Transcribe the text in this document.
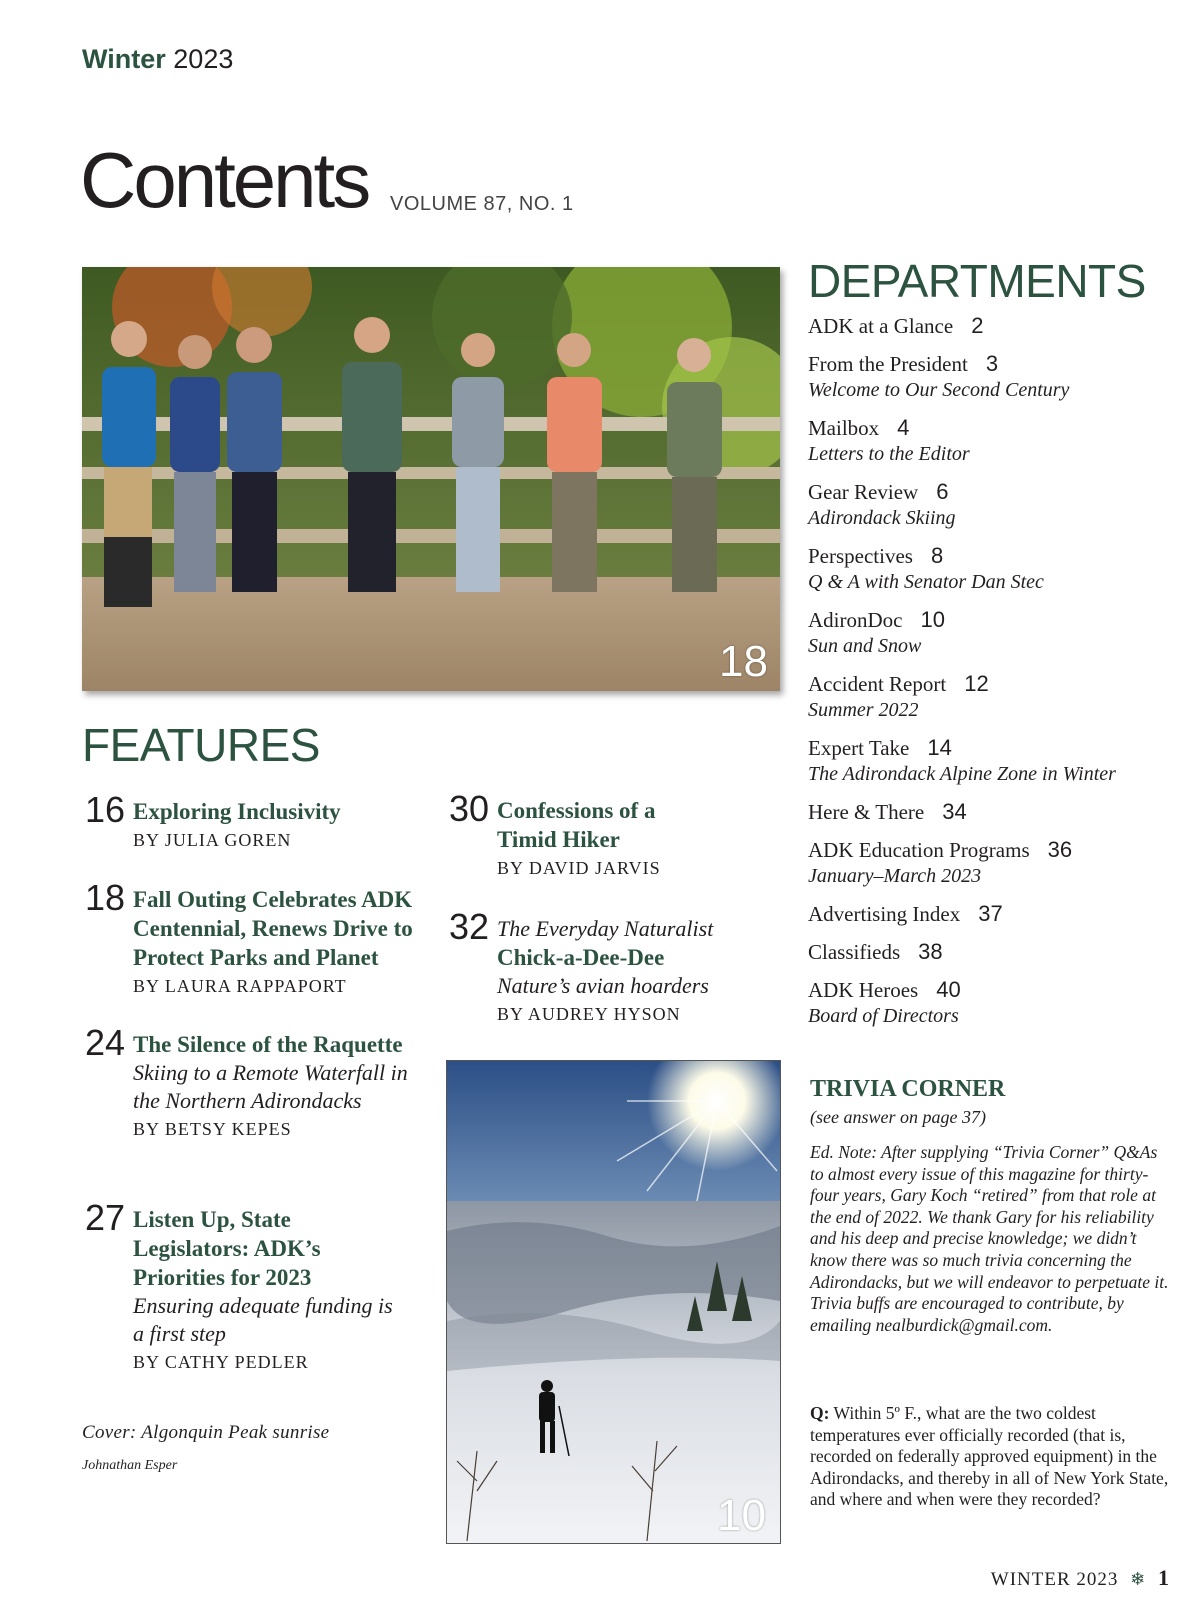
Winter 2023
Contents VOLUME 87, NO. 1
18
DEPARTMENTS
ADK at a Glance 2
From the President 3
Welcome to Our Second Century
Mailbox 4
Letters to the Editor
Gear Review 6
Adirondack Skiing
Perspectives 8
Q & A with Senator Dan Stec
AdironDoc 10
Sun and Snow
Accident Report 12
Summer 2022
Expert Take 14
The Adirondack Alpine Zone in Winter
Here & There 34
ADK Education Programs 36
January–March 2023
Advertising Index 37
Classifieds 38
ADK Heroes 40
Board of Directors
FEATURES
16 Exploring Inclusivity
BY JULIA GOREN
18 Fall Outing Celebrates ADK Centennial, Renews Drive to Protect Parks and Planet
BY LAURA RAPPAPORT
24 The Silence of the Raquette
Skiing to a Remote Waterfall in the Northern Adirondacks
BY BETSY KEPES
27 Listen Up, State Legislators: ADK’s Priorities for 2023
Ensuring adequate funding is a first step
BY CATHY PEDLER
30 Confessions of a Timid Hiker
BY DAVID JARVIS
32 The Everyday Naturalist
Chick-a-Dee-Dee
Nature’s avian hoarders
BY AUDREY HYSON
Cover: Algonquin Peak sunrise
Johnathan Esper
10
TRIVIA CORNER
(see answer on page 37)
Ed. Note: After supplying “Trivia Corner” Q&As to almost every issue of this magazine for thirty-four years, Gary Koch “retired” from that role at the end of 2022. We thank Gary for his reliability and his deep and precise knowledge; we didn’t know there was so much trivia concerning the Adirondacks, but we will endeavor to perpetuate it. Trivia buffs are encouraged to contribute, by emailing nealburdick@gmail.com.
Q: Within 5º F., what are the two coldest temperatures ever officially recorded (that is, recorded on federally approved equipment) in the Adirondacks, and thereby in all of New York State, and where and when were they recorded?
WINTER 2023 ❄ 1
